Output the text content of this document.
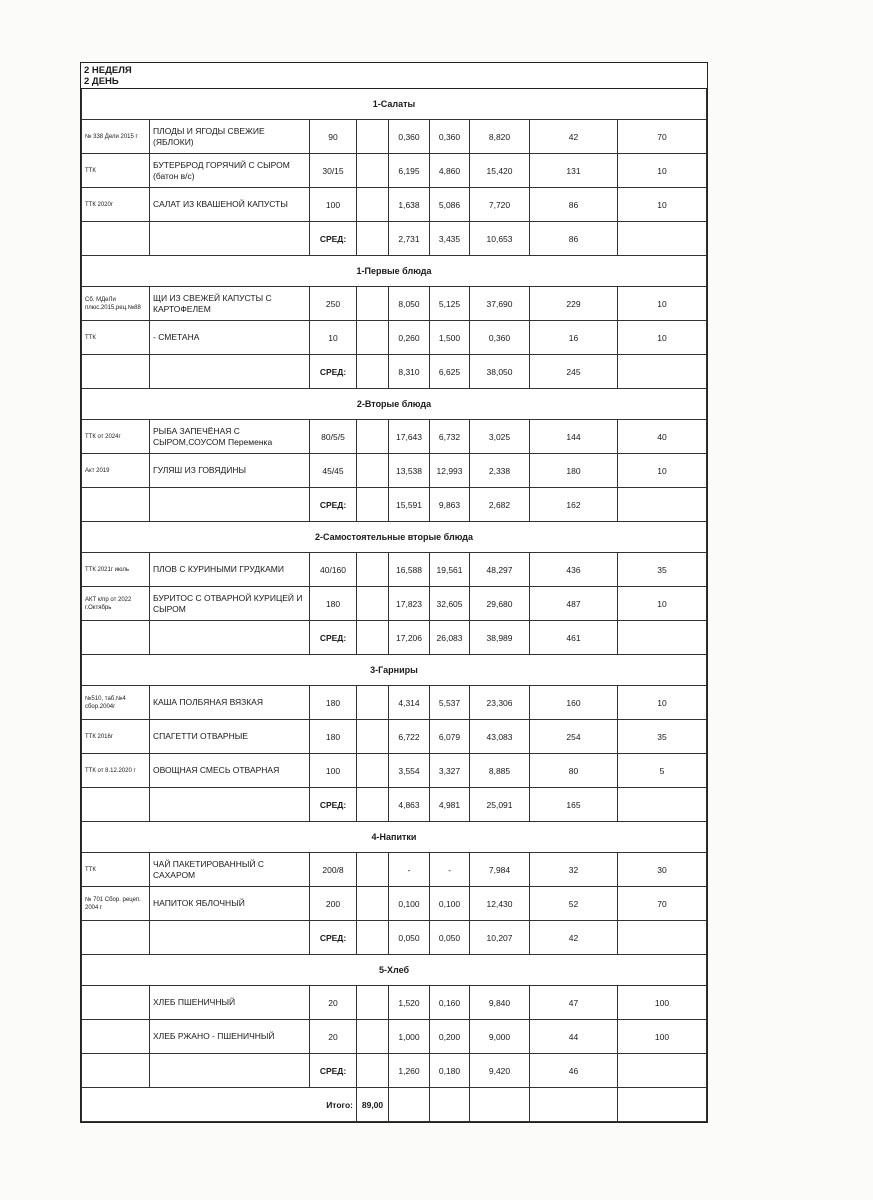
2 НЕДЕЛЯ
2 ДЕНЬ
1-Салаты								
№ 338 Дели 2015 г	ПЛОДЫ И ЯГОДЫ СВЕЖИЕ (ЯБЛОКИ)	90		0,360	0,360	8,820	42	70
ТТК	БУТЕРБРОД ГОРЯЧИЙ С СЫРОМ (батон в/с)	30/15		6,195	4,860	15,420	131	10
ТТК 2020г	САЛАТ ИЗ КВАШЕНОЙ КАПУСТЫ	100		1,638	5,086	7,720	86	10
		СРЕД:		2,731	3,435	10,653	86	
1-Первые блюда								
Сб. МДеЛи плюс.2015,рец.№88	ЩИ ИЗ СВЕЖЕЙ КАПУСТЫ С КАРТОФЕЛЕМ	250		8,050	5,125	37,690	229	10
ТТК	- СМЕТАНА	10		0,260	1,500	0,360	16	10
		СРЕД:		8,310	6,625	38,050	245	
2-Вторые блюда								
ТТК от 2024г	РЫБА ЗАПЕЧЁНАЯ С СЫРОМ,СОУСОМ Переменка	80/5/5		17,643	6,732	3,025	144	40
Акт 2019	ГУЛЯШ ИЗ ГОВЯДИНЫ	45/45		13,538	12,993	2,338	180	10
		СРЕД:		15,591	9,863	2,682	162	
2-Самостоятельные вторые блюда								
ТТК 2021г июль	ПЛОВ С КУРИНЫМИ ГРУДКАМИ	40/160		16,588	19,561	48,297	436	35
АКТ к/пр от 2022 г.Октябрь	БУРИТОС С ОТВАРНОЙ КУРИЦЕЙ И СЫРОМ	180		17,823	32,605	29,680	487	10
		СРЕД:		17,206	26,083	38,989	461	
3-Гарниры								
№510, таб.№4 сбор.2004г	КАША ПОЛБЯНАЯ ВЯЗКАЯ	180		4,314	5,537	23,306	160	10
ТТК 2016г	СПАГЕТТИ ОТВАРНЫЕ	180		6,722	6,079	43,083	254	35
ТТК от 8.12.2020 г	ОВОЩНАЯ СМЕСЬ ОТВАРНАЯ	100		3,554	3,327	8,885	80	5
		СРЕД:		4,863	4,981	25,091	165	
4-Напитки								
ТТК	ЧАЙ ПАКЕТИРОВАННЫЙ С САХАРОМ	200/8		-	-	7,984	32	30
№ 701 Сбор. рецеп. 2004 г	НАПИТОК ЯБЛОЧНЫЙ	200		0,100	0,100	12,430	52	70
		СРЕД:		0,050	0,050	10,207	42	
5-Хлеб								
	ХЛЕБ ПШЕНИЧНЫЙ	20		1,520	0,160	9,840	47	100
	ХЛЕБ РЖАНО - ПШЕНИЧНЫЙ	20		1,000	0,200	9,000	44	100
		СРЕД:		1,260	0,180	9,420	46	
Итого:			89,00					
